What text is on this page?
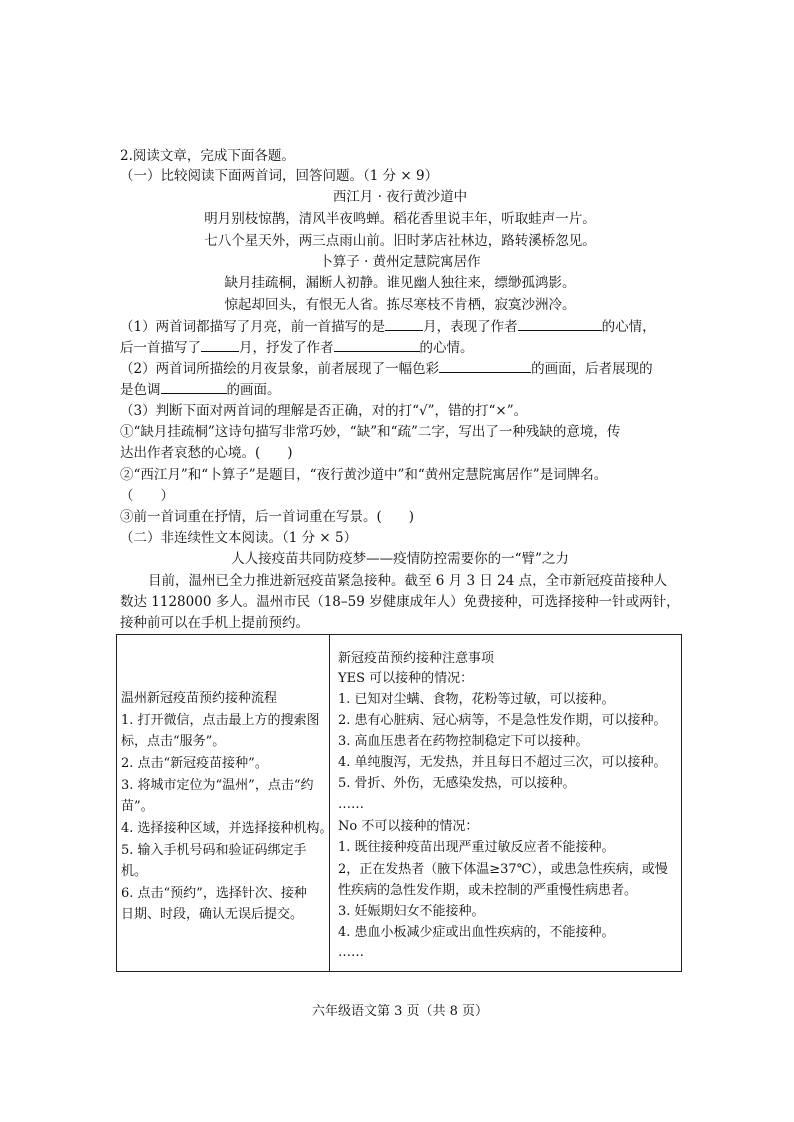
2.阅读文章，完成下面各题。
（一）比较阅读下面两首词，回答问题。（1 分 × 9）
西江月 · 夜行黄沙道中
明月别枝惊鹊，清风半夜鸣蝉。稻花香里说丰年，听取蛙声一片。
七八个星天外，两三点雨山前。旧时茅店社林边，路转溪桥忽见。
卜算子 · 黄州定慧院寓居作
缺月挂疏桐，漏断人初静。谁见幽人独往来，缥缈孤鸿影。
惊起却回头，有恨无人省。拣尽寒枝不肯栖，寂寞沙洲冷。
（1）两首词都描写了月亮，前一首描写的是	月，表现了作者	的心情，
后一首描写了	月，抒发了作者	的心情。
（2）两首词所描绘的月夜景象，前者展现了一幅色彩	的画面，后者展现的
是色调	的画面。
（3）判断下面对两首词的理解是否正确，对的打“√”，错的打“×”。
①“缺月挂疏桐”这诗句描写非常巧妙，“缺”和“疏”二字，写出了一种残缺的意境，传
达出作者哀愁的心境。(　　)
②“西江月”和“卜算子”是题目，“夜行黄沙道中”和“黄州定慧院寓居作”是词牌名。
（　　）
③前一首词重在抒情，后一首词重在写景。(　　)
（二）非连续性文本阅读。（1 分 × 5）
人人接疫苗共同防疫梦——疫情防控需要你的一“臂”之力
目前，温州已全力推进新冠疫苗紧急接种。截至 6 月 3 日 24 点，全市新冠疫苗接种人
数达 1128000 多人。温州市民（18–59 岁健康成年人）免费接种，可选择接种一针或两针，
接种前可以在手机上提前预约。
温州新冠疫苗预约接种流程
1. 打开微信，点击最上方的搜索图
标，点击“服务”。
2. 点击“新冠疫苗接种”。
3. 将城市定位为“温州”，点击“约
苗”。
4. 选择接种区域，并选择接种机构。
5. 输入手机号码和验证码绑定手
机。
6. 点击“预约”，选择针次、接种
日期、时段，确认无误后提交。

新冠疫苗预约接种注意事项
YES 可以接种的情况：
1. 已知对尘螨、食物，花粉等过敏，可以接种。
2. 患有心脏病、冠心病等，不是急性发作期，可以接种。
3. 高血压患者在药物控制稳定下可以接种。
4. 单纯腹泻，无发热，并且每日不超过三次，可以接种。
5. 骨折、外伤，无感染发热，可以接种。
……
No 不可以接种的情况：
1. 既往接种疫苗出现严重过敏反应者不能接种。
2，正在发热者（腋下体温≥37℃），或患急性疾病，或慢
性疾病的急性发作期，或未控制的严重慢性病患者。
3. 妊娠期妇女不能接种。
4. 患血小板减少症或出血性疾病的，不能接种。
……
六年级语文第 3 页（共 8 页）
